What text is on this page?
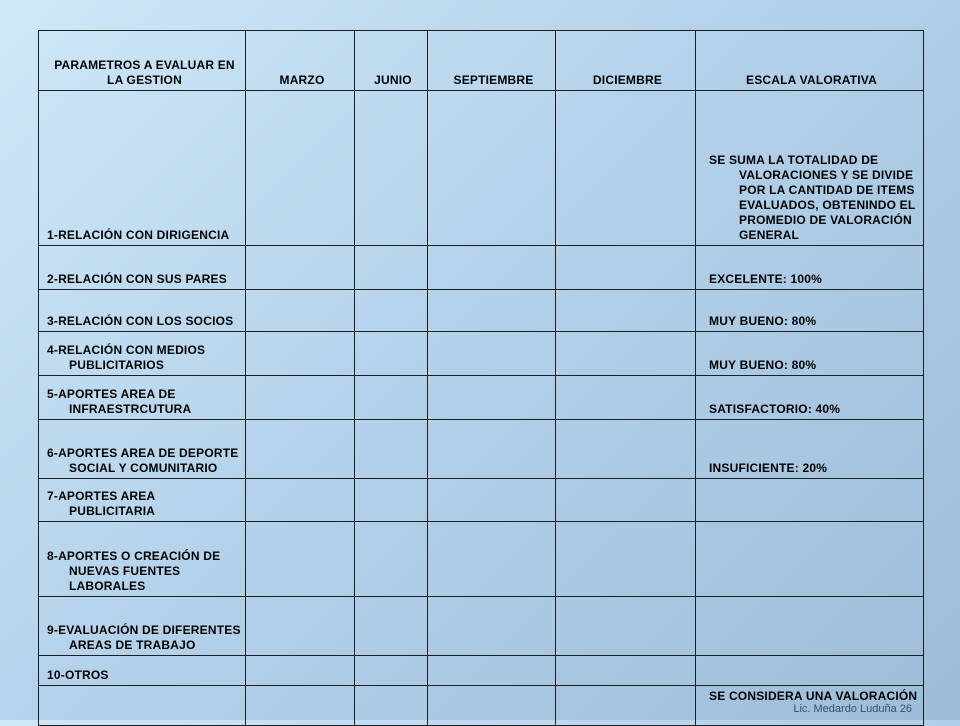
PARAMETROS A EVALUAR EN LA GESTION	MARZO	JUNIO	SEPTIEMBRE	DICIEMBRE	ESCALA VALORATIVA

1-RELACIÓN CON DIRIGENCIA					SE SUMA LA TOTALIDAD DE VALORACIONES Y SE DIVIDE POR LA CANTIDAD DE ITEMS EVALUADOS, OBTENINDO EL PROMEDIO DE VALORACIÓN GENERAL

2-RELACIÓN CON SUS PARES					EXCELENTE: 100%

3-RELACIÓN CON LOS SOCIOS					MUY BUENO: 80%

4-RELACIÓN CON MEDIOS PUBLICITARIOS					MUY BUENO: 80%

5-APORTES AREA DE INFRAESTRCUTURA					SATISFACTORIO: 40%

6-APORTES AREA DE DEPORTE SOCIAL Y COMUNITARIO					INSUFICIENTE: 20%

7-APORTES AREA PUBLICITARIA					

8-APORTES O CREACIÓN DE NUEVAS FUENTES LABORALES					

9-EVALUACIÓN DE DIFERENTES AREAS DE TRABAJO					

10-OTROS					

					SE CONSIDERA UNA VALORACIÓN
Lic. Medardo Luduña 26
